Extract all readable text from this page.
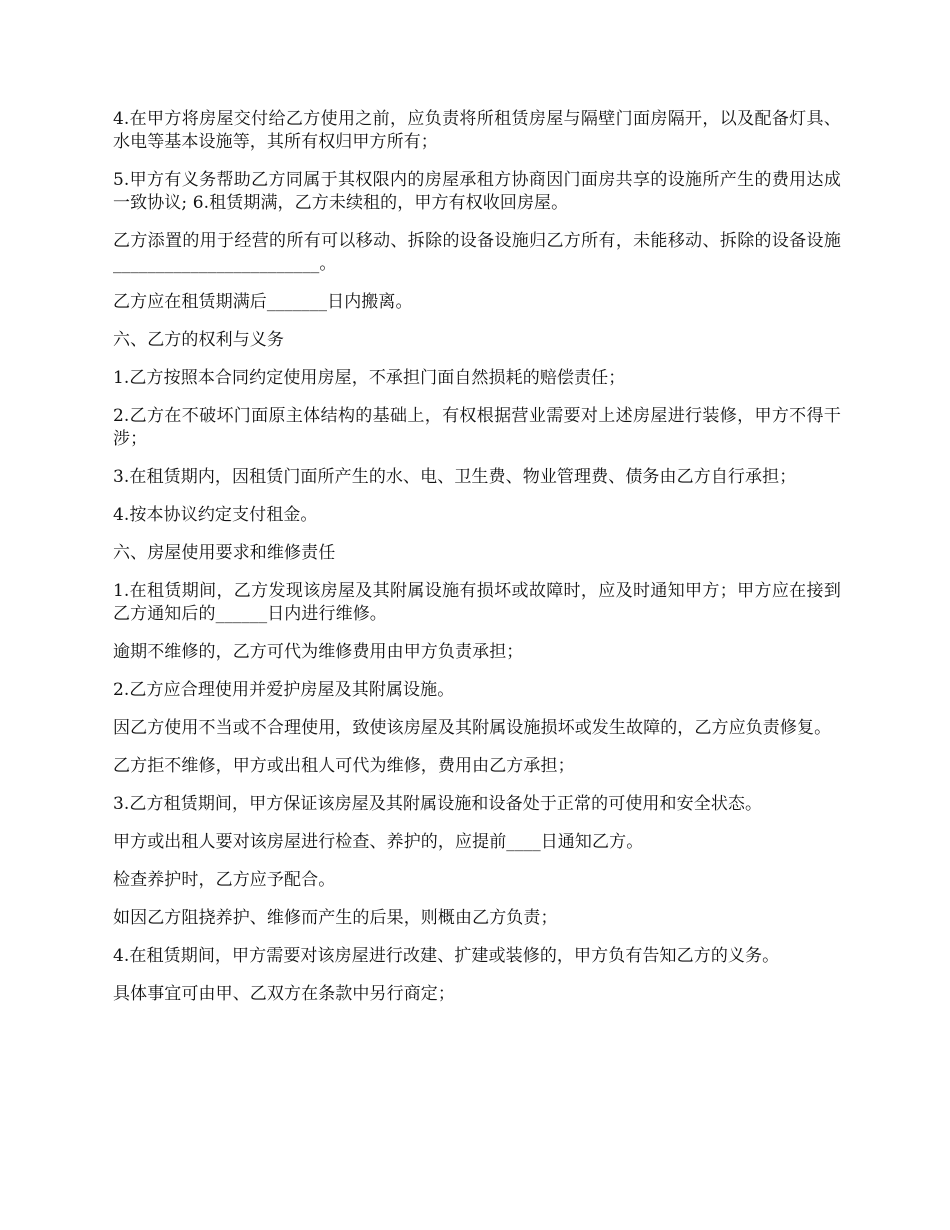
4.在甲方将房屋交付给乙方使用之前，应负责将所租赁房屋与隔壁门面房隔开，以及配备灯具、水电等基本设施等，其所有权归甲方所有；

5.甲方有义务帮助乙方同属于其权限内的房屋承租方协商因门面房共享的设施所产生的费用达成一致协议; 6.租赁期满，乙方未续租的，甲方有权收回房屋。

乙方添置的用于经营的所有可以移动、拆除的设备设施归乙方所有，未能移动、拆除的设备设施________________________。

乙方应在租赁期满后_______日内搬离。

六、乙方的权利与义务

1.乙方按照本合同约定使用房屋，不承担门面自然损耗的赔偿责任；

2.乙方在不破坏门面原主体结构的基础上，有权根据营业需要对上述房屋进行装修，甲方不得干涉；

3.在租赁期内，因租赁门面所产生的水、电、卫生费、物业管理费、债务由乙方自行承担；

4.按本协议约定支付租金。

六、房屋使用要求和维修责任

1.在租赁期间，乙方发现该房屋及其附属设施有损坏或故障时，应及时通知甲方；甲方应在接到乙方通知后的______日内进行维修。

逾期不维修的，乙方可代为维修费用由甲方负责承担；

2.乙方应合理使用并爱护房屋及其附属设施。

因乙方使用不当或不合理使用，致使该房屋及其附属设施损坏或发生故障的，乙方应负责修复。

乙方拒不维修，甲方或出租人可代为维修，费用由乙方承担；

3.乙方租赁期间，甲方保证该房屋及其附属设施和设备处于正常的可使用和安全状态。

甲方或出租人要对该房屋进行检查、养护的，应提前____日通知乙方。

检查养护时，乙方应予配合。

如因乙方阻挠养护、维修而产生的后果，则概由乙方负责；

4.在租赁期间，甲方需要对该房屋进行改建、扩建或装修的，甲方负有告知乙方的义务。

具体事宜可由甲、乙双方在条款中另行商定；
